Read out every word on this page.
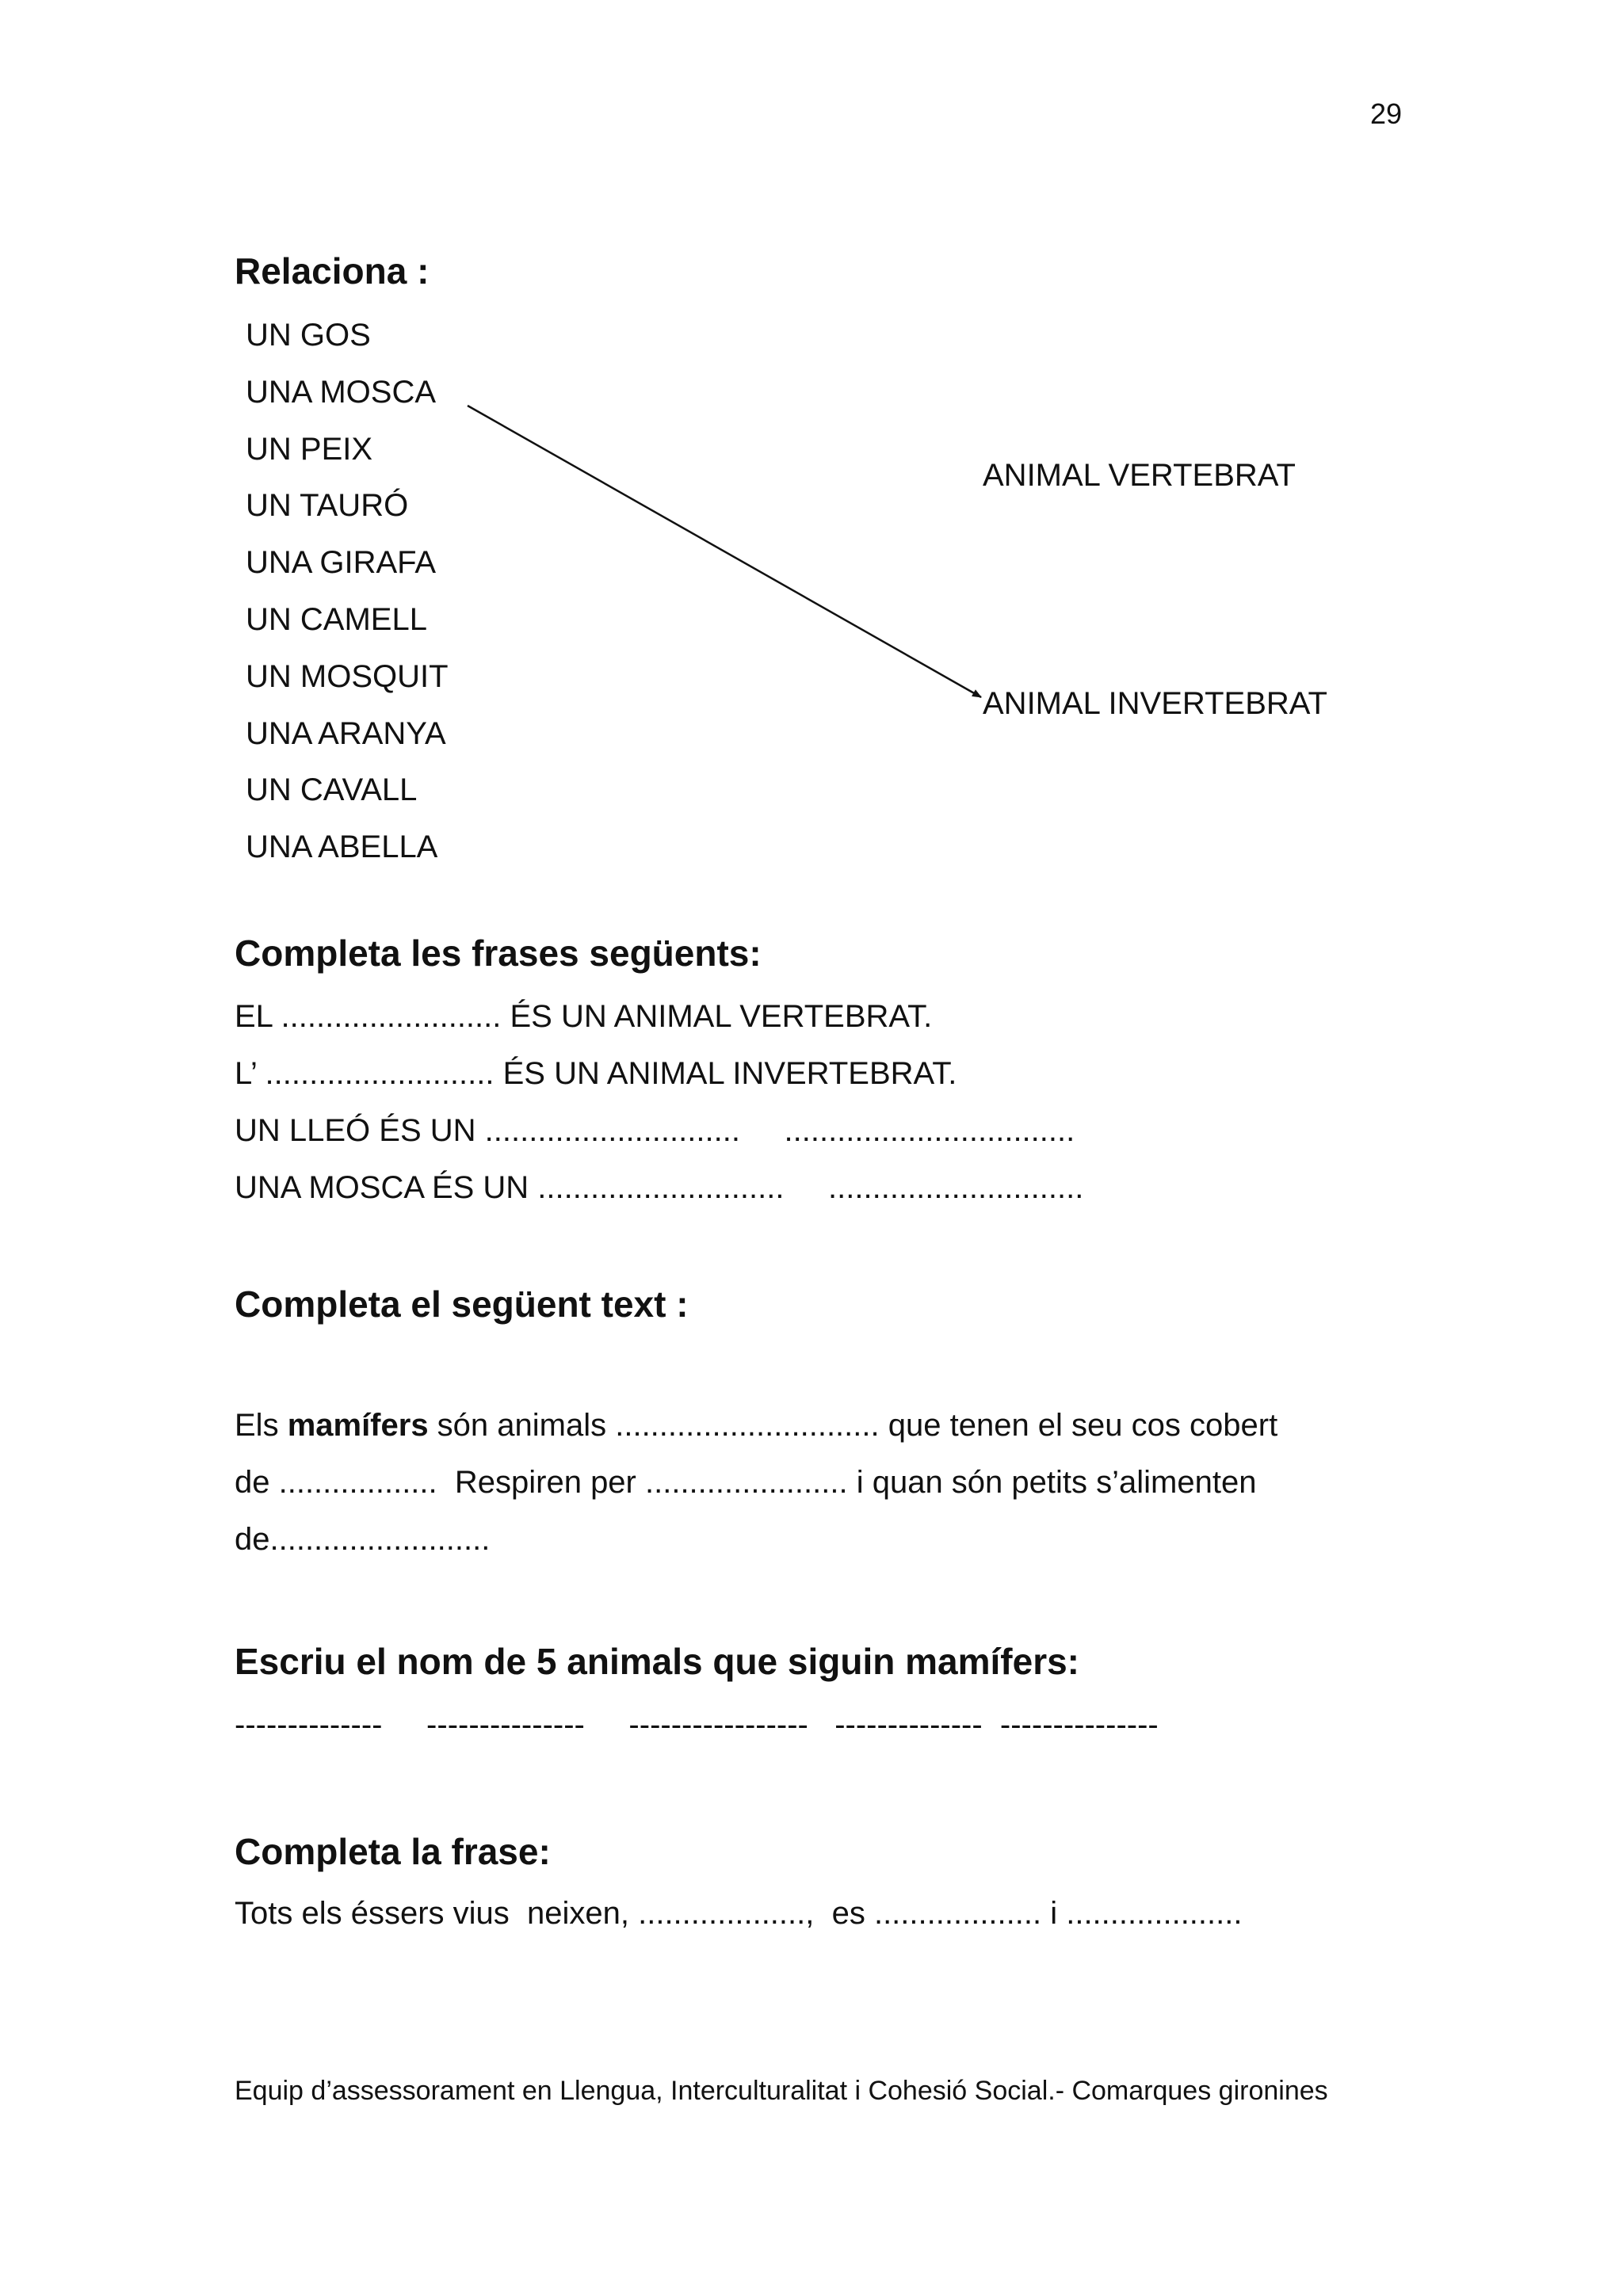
29
Relaciona :
UN GOS
UNA MOSCA
UN PEIX
UN TAURÓ
UNA GIRAFA
UN CAMELL
UN MOSQUIT
UNA ARANYA
UN CAVALL
UNA ABELLA
ANIMAL VERTEBRAT
ANIMAL INVERTEBRAT
Completa les frases següents:
EL ......................... ÉS UN ANIMAL VERTEBRAT.
L’ .......................... ÉS UN ANIMAL INVERTEBRAT.
UN LLEÓ ÉS UN .............................     .................................
UNA MOSCA ÉS UN ............................     .............................
Completa el següent text :
Els mamífers són animals .............................. que tenen el seu cos cobert
de ..................  Respiren per ....................... i quan són petits s’alimenten
de.........................
Escriu el nom de 5 animals que siguin mamífers:
--------------     ---------------     -----------------   --------------  ---------------
Completa la frase:
Tots els éssers vius  neixen, ...................,  es ................... i ....................
Equip d’assessorament en Llengua, Interculturalitat i Cohesió Social.- Comarques gironines
